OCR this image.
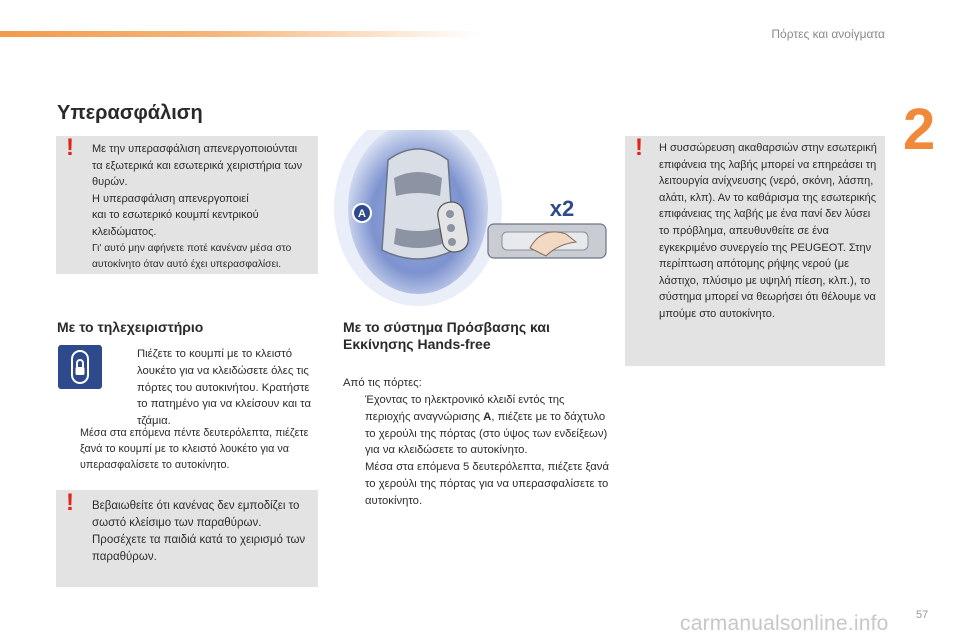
Πόρτες και ανοίγματα
2
Υπερασφάλιση
! Με την υπερασφάλιση απενεργοποιούνται

τα εξωτερικά και εσωτερικά χειριστήρια των

θυρών.

Η υπερασφάλιση απενεργοποιεί

και το εσωτερικό κουμπί κεντρικού

κλειδώματος.

Γι' αυτό μην αφήνετε ποτέ κανέναν μέσα στο

αυτοκίνητο όταν αυτό έχει υπερασφαλίσει.

A	x2
Με το τηλεχειριστήριο
Πιέζετε το κουμπί με το κλειστό λουκέτο για να κλειδώσετε όλες τις πόρτες του αυτοκινήτου. Κρατήστε το πατημένο για να κλείσουν και τα τζάμια.
Μέσα στα επόμενα πέντε δευτερόλεπτα, πιέζετε ξανά το κουμπί με το κλειστό λουκέτο για να υπερασφαλίσετε το αυτοκίνητο.
! Βεβαιωθείτε ότι κανένας δεν εμποδίζει το σωστό κλείσιμο των παραθύρων. Προσέχετε τα παιδιά κατά το χειρισμό των παραθύρων.
Με το σύστημα Πρόσβασης και Εκκίνησης Hands-free
Από τις πόρτες:
Έχοντας το ηλεκτρονικό κλειδί εντός της περιοχής αναγνώρισης A, πιέζετε με το δάχτυλο το χερούλι της πόρτας (στο ύψος των ενδείξεων) για να κλειδώσετε το αυτοκίνητο.
Μέσα στα επόμενα 5 δευτερόλεπτα, πιέζετε ξανά το χερούλι της πόρτας για να υπερασφαλίσετε το αυτοκίνητο.
! Η συσσώρευση ακαθαρσιών στην εσωτερική επιφάνεια της λαβής μπορεί να επηρεάσει τη λειτουργία ανίχνευσης (νερό, σκόνη, λάσπη, αλάτι, κλπ). Αν το καθάρισμα της εσωτερικής επιφάνειας της λαβής με ένα πανί δεν λύσει το πρόβλημα, απευθυνθείτε σε ένα εγκεκριμένο συνεργείο της PEUGEOT. Στην περίπτωση απότομης ρήψης νερού (με λάστιχο, πλύσιμο με υψηλή πίεση, κλπ.), το σύστημα μπορεί να θεωρήσει ότι θέλουμε να μπούμε στο αυτοκίνητο.
57
carmanualsonline.info
